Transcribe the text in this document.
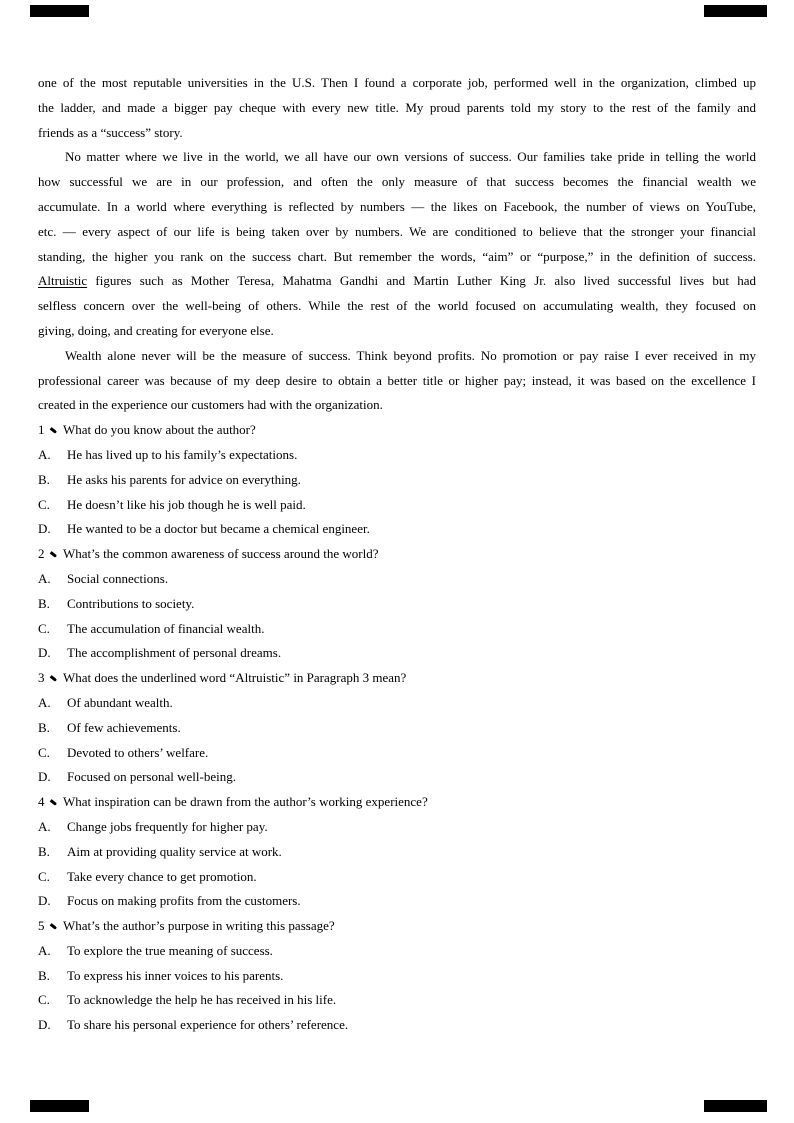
one of the most reputable universities in the U.S. Then I found a corporate job, performed well in the organization, climbed up
the ladder, and made a bigger pay cheque with every new title. My proud parents told my story to the rest of the family and
friends as a “success” story.
No matter where we live in the world, we all have our own versions of success. Our families take pride in telling the world
how successful we are in our profession, and often the only measure of that success becomes the financial wealth we
accumulate. In a world where everything is reflected by numbers — the likes on Facebook, the number of views on YouTube,
etc. — every aspect of our life is being taken over by numbers. We are conditioned to believe that the stronger your financial
standing, the higher you rank on the success chart. But remember the words, “aim” or “purpose,” in the definition of success.
Altruistic figures such as Mother Teresa, Mahatma Gandhi and Martin Luther King Jr. also lived successful lives but had
selfless concern over the well-being of others. While the rest of the world focused on accumulating wealth, they focused on
giving, doing, and creating for everyone else.
Wealth alone never will be the measure of success. Think beyond profits. No promotion or pay raise I ever received in my
professional career was because of my deep desire to obtain a better title or higher pay; instead, it was based on the excellence I
created in the experience our customers had with the organization.
1 What do you know about the author?
A. He has lived up to his family’s expectations.
B. He asks his parents for advice on everything.
C. He doesn’t like his job though he is well paid.
D. He wanted to be a doctor but became a chemical engineer.
2 What’s the common awareness of success around the world?
A. Social connections.
B. Contributions to society.
C. The accumulation of financial wealth.
D. The accomplishment of personal dreams.
3 What does the underlined word “Altruistic” in Paragraph 3 mean?
A. Of abundant wealth.
B. Of few achievements.
C. Devoted to others’ welfare.
D. Focused on personal well-being.
4 What inspiration can be drawn from the author’s working experience?
A. Change jobs frequently for higher pay.
B. Aim at providing quality service at work.
C. Take every chance to get promotion.
D. Focus on making profits from the customers.
5 What’s the author’s purpose in writing this passage?
A. To explore the true meaning of success.
B. To express his inner voices to his parents.
C. To acknowledge the help he has received in his life.
D. To share his personal experience for others’ reference.
